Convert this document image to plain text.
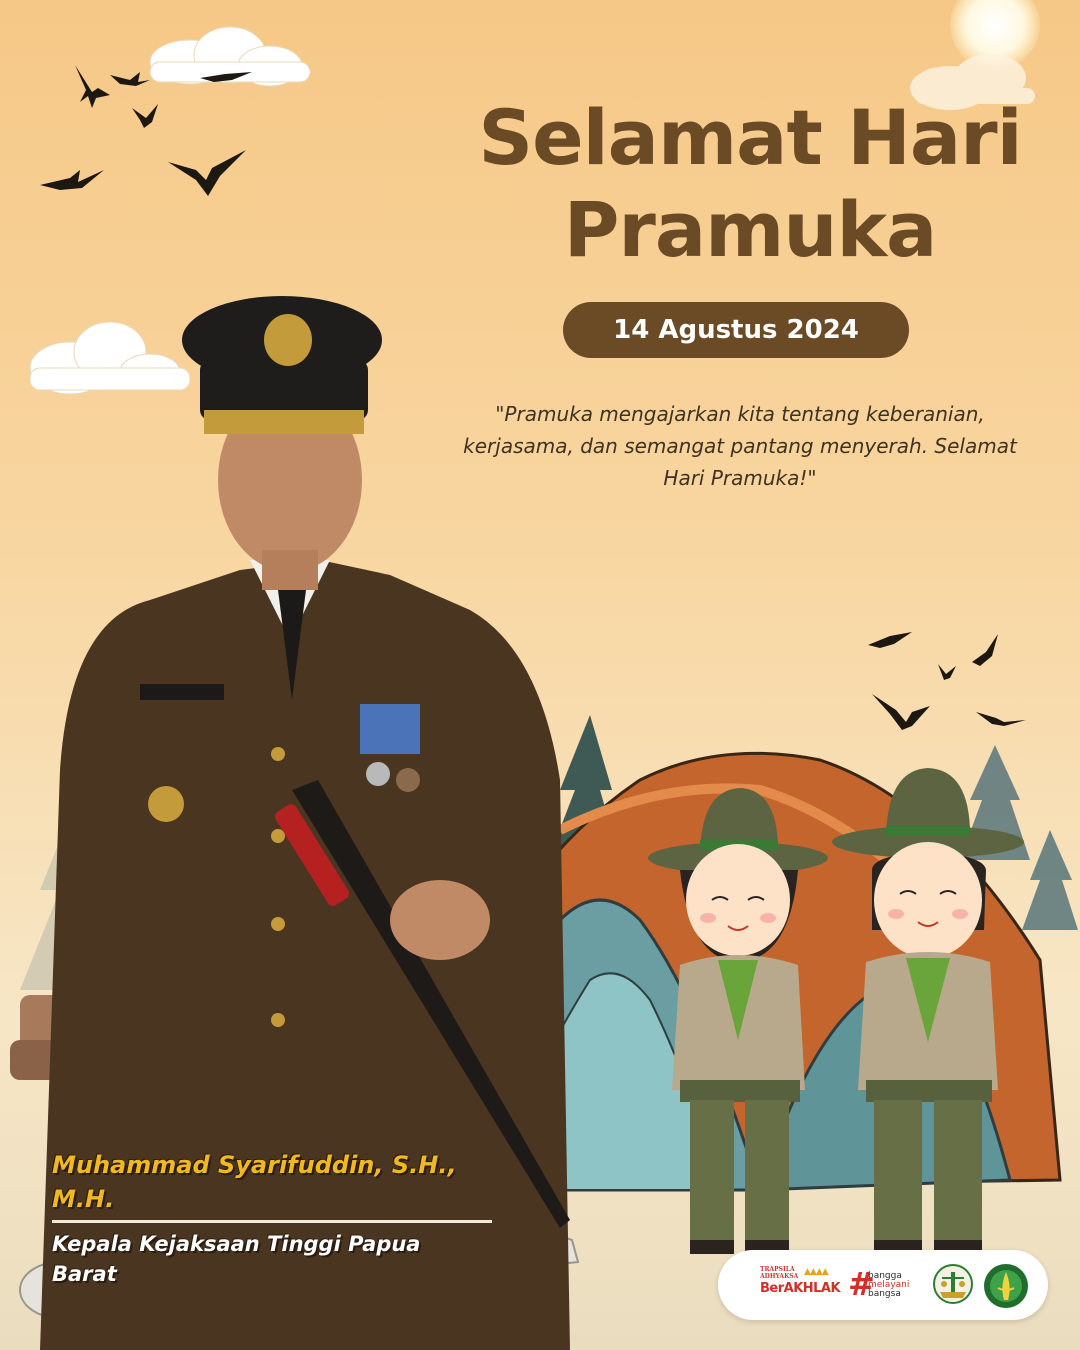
Selamat Hari
Pramuka
14 Agustus 2024
"Pramuka mengajarkan kita tentang keberanian, kerjasama, dan semangat pantang menyerah. Selamat Hari Pramuka!"
Muhammad Syarifuddin, S.H., M.H.
Kepala Kejaksaan Tinggi Papua Barat	TRAPSILA
ADHYAKSA ▲▲▲▲
BerAKHLAK #
bangga
melayani
bangsa
